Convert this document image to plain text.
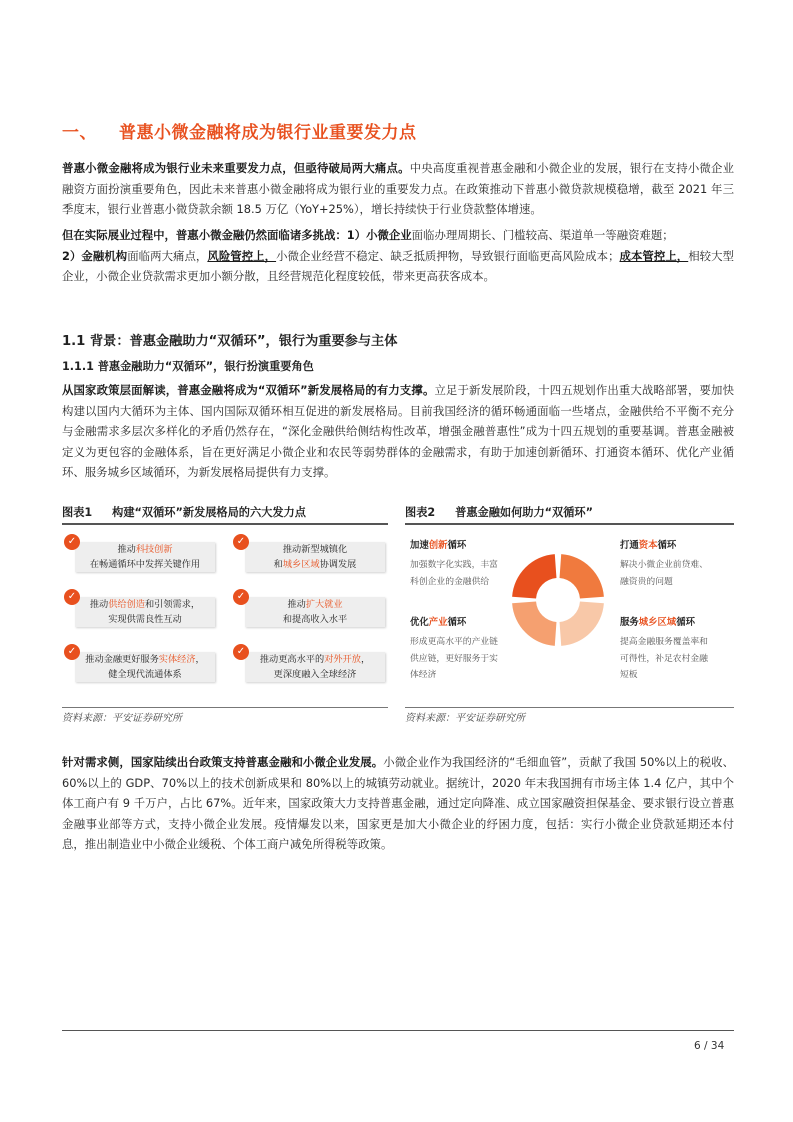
一、 普惠小微金融将成为银行业重要发力点
普惠小微金融将成为银行业未来重要发力点，但亟待破局两大痛点。中央高度重视普惠金融和小微企业的发展，银行在支持小微企业融资方面扮演重要角色，因此未来普惠小微金融将成为银行业的重要发力点。在政策推动下普惠小微贷款规模稳增，截至 2021 年三季度末，银行业普惠小微贷款余额 18.5 万亿（YoY+25%），增长持续快于行业贷款整体增速。
但在实际展业过程中，普惠小微金融仍然面临诸多挑战：1）小微企业面临办理周期长、门槛较高、渠道单一等融资难题；
2）金融机构面临两大痛点，风险管控上，小微企业经营不稳定、缺乏抵质押物，导致银行面临更高风险成本；成本管控上，相较大型企业，小微企业贷款需求更加小额分散，且经营规范化程度较低，带来更高获客成本。
1.1 背景：普惠金融助力“双循环”，银行为重要参与主体
1.1.1 普惠金融助力“双循环”，银行扮演重要角色
从国家政策层面解读，普惠金融将成为“双循环”新发展格局的有力支撑。立足于新发展阶段，十四五规划作出重大战略部署，要加快构建以国内大循环为主体、国内国际双循环相互促进的新发展格局。目前我国经济的循环畅通面临一些堵点，金融供给不平衡不充分与金融需求多层次多样化的矛盾仍然存在，“深化金融供给侧结构性改革，增强金融普惠性”成为十四五规划的重要基调。普惠金融被定义为更包容的金融体系，旨在更好满足小微企业和农民等弱势群体的金融需求，有助于加速创新循环、打通资本循环、优化产业循环、服务城乡区域循环，为新发展格局提供有力支撑。
图表1 构建“双循环”新发展格局的六大发力点
推动科技创新
在畅通循环中发挥关键作用
✓
推动新型城镇化
和城乡区域协调发展
✓
推动供给创造和引领需求，
实现供需良性互动
✓
推动扩大就业
和提高收入水平
✓
推动金融更好服务实体经济，
健全现代流通体系
✓
推动更高水平的对外开放，
更深度融入全球经济
✓
资料来源：平安证券研究所
图表2 普惠金融如何助力“双循环”
加速创新循环
加强数字化实践，丰富
科创企业的金融供给
打通资本循环
解决小微企业前贷难、
融资贵的问题
优化产业循环
形成更高水平的产业链
供应链，更好服务于实
体经济
服务城乡区域循环
提高金融服务覆盖率和
可得性，补足农村金融
短板
资料来源：平安证券研究所
针对需求侧，国家陆续出台政策支持普惠金融和小微企业发展。小微企业作为我国经济的“毛细血管”，贡献了我国 50%以上的税收、60%以上的 GDP、70%以上的技术创新成果和 80%以上的城镇劳动就业。据统计，2020 年末我国拥有市场主体 1.4 亿户，其中个体工商户有 9 千万户，占比 67%。近年来，国家政策大力支持普惠金融，通过定向降准、成立国家融资担保基金、要求银行设立普惠金融事业部等方式，支持小微企业发展。疫情爆发以来，国家更是加大小微企业的纾困力度，包括：实行小微企业贷款延期还本付息，推出制造业中小微企业缓税、个体工商户减免所得税等政策。
6 / 34
